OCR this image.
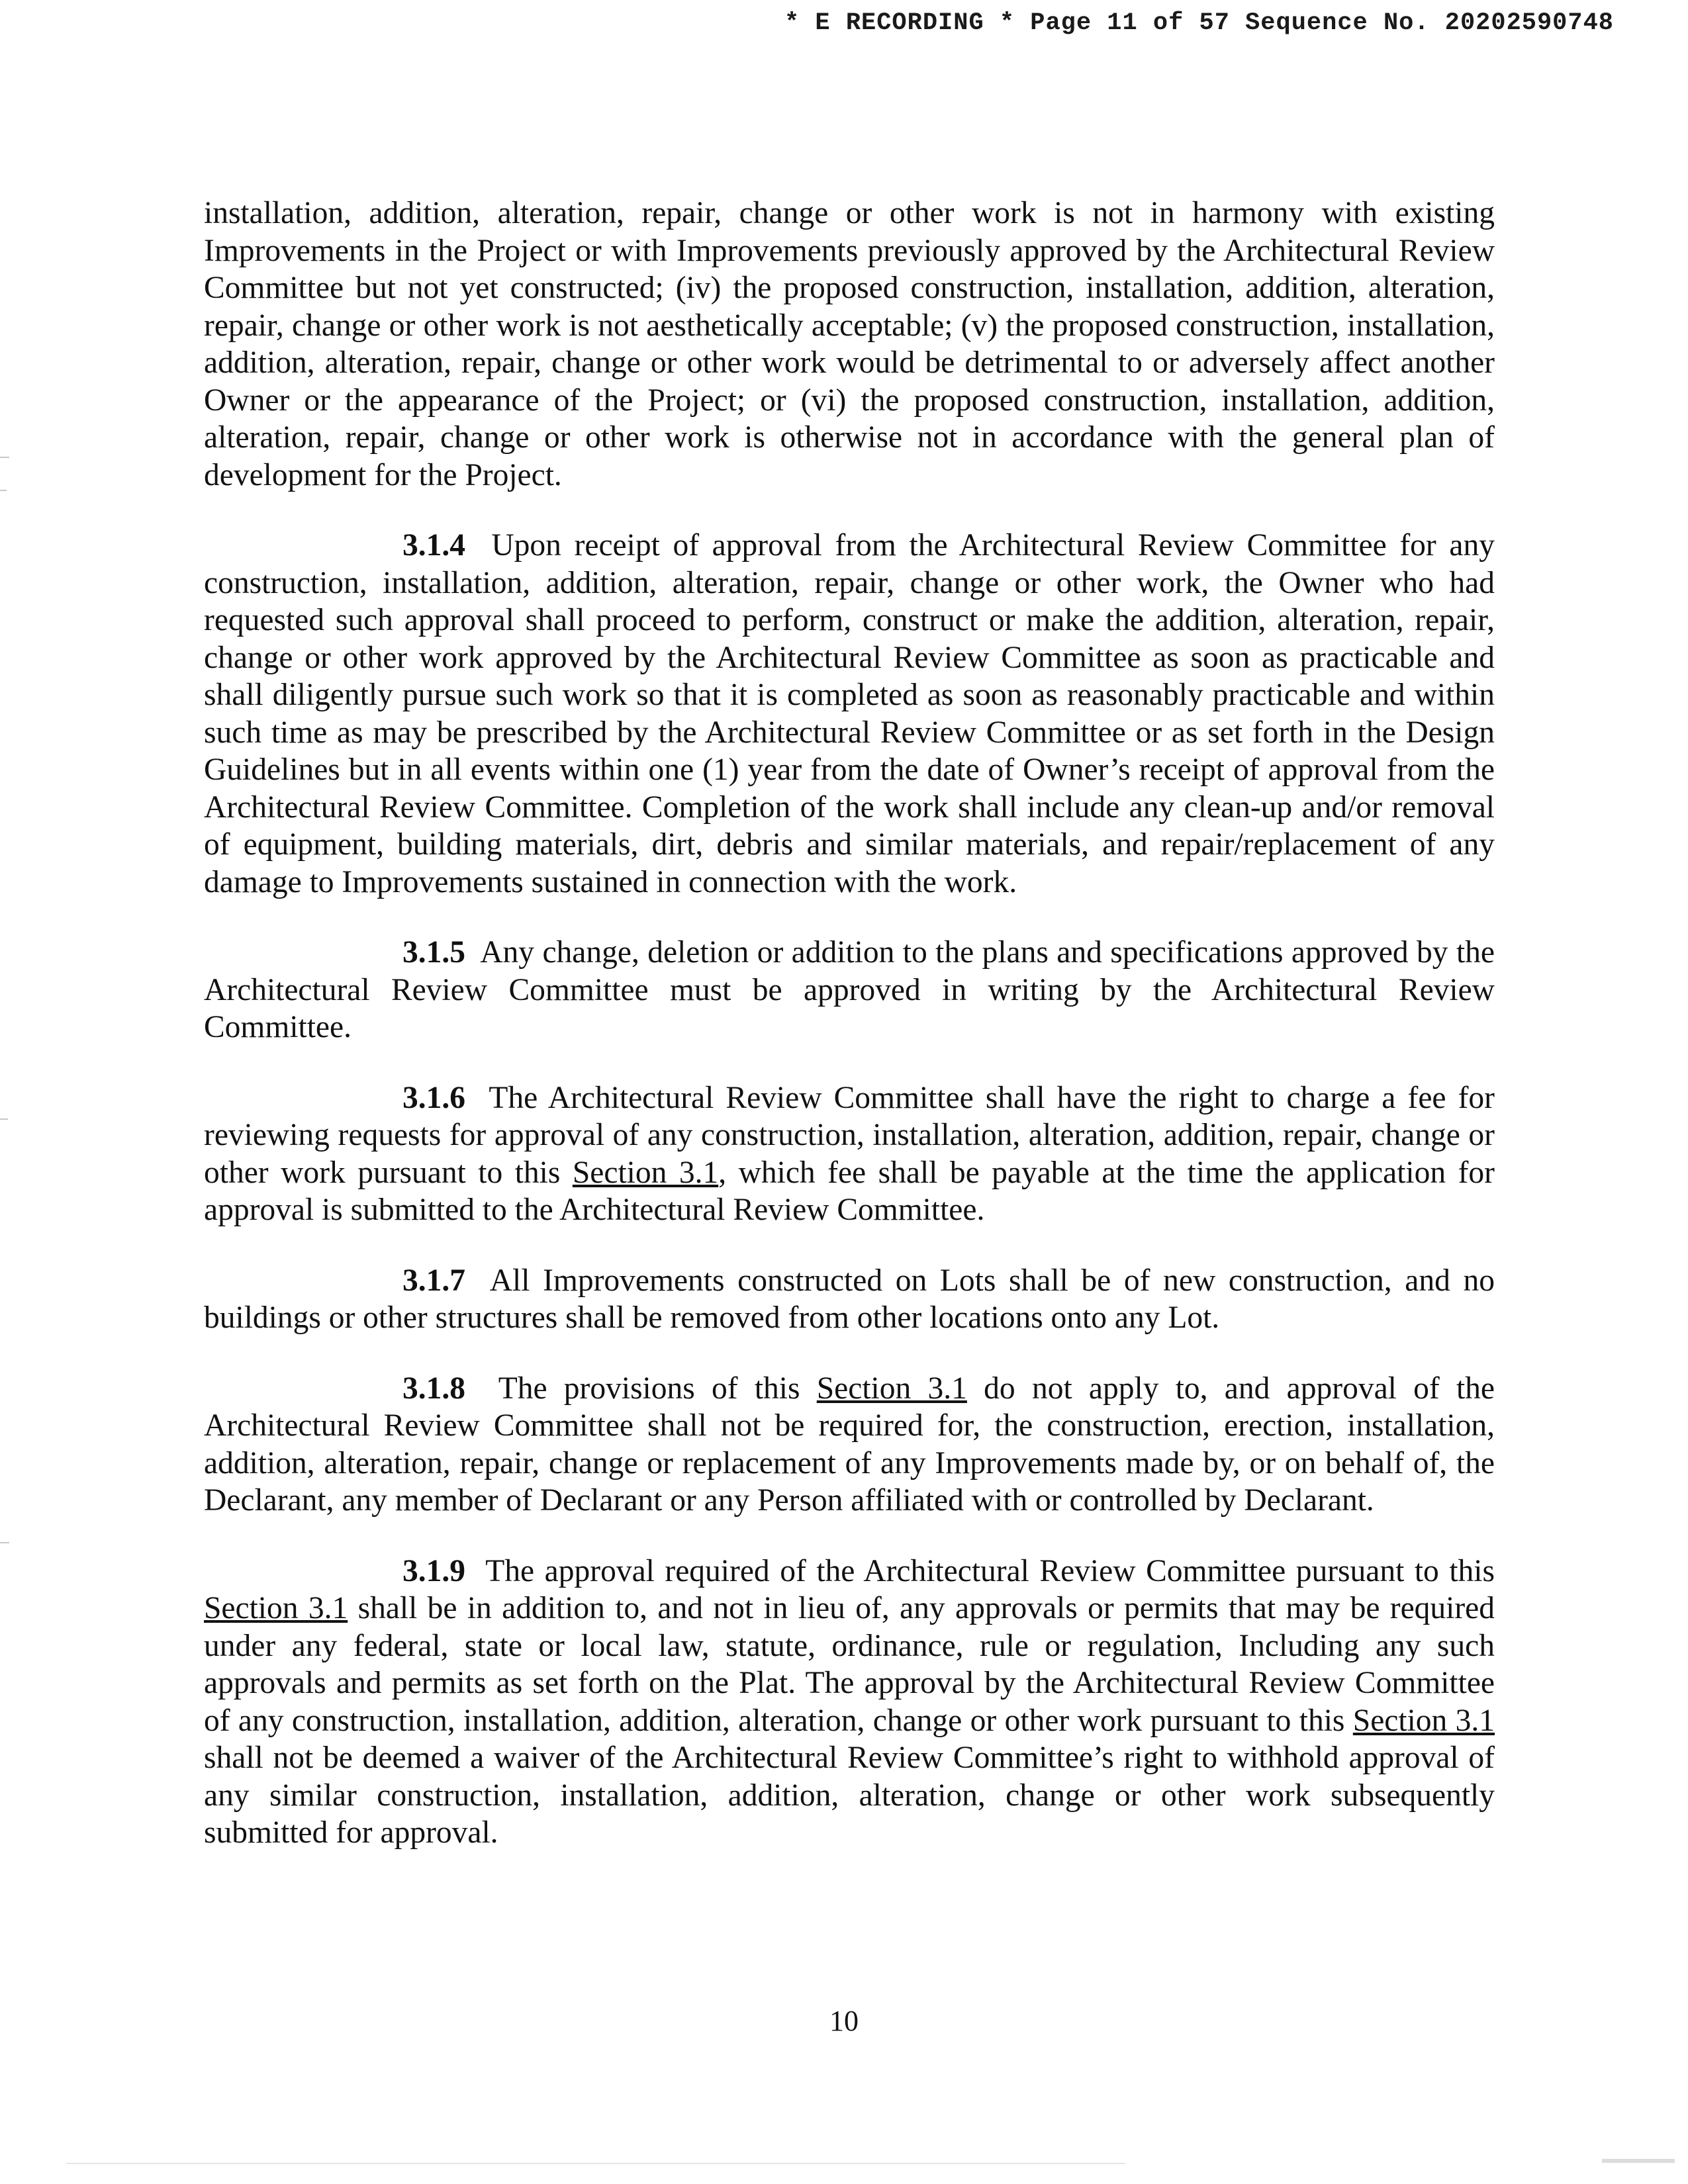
* E RECORDING * Page 11 of 57 Sequence No. 20202590748

installation, addition, alteration, repair, change or other work is not in harmony with existing Improvements in the Project or with Improvements previously approved by the Architectural Review Committee but not yet constructed; (iv) the proposed construction, installation, addition, alteration, repair, change or other work is not aesthetically acceptable; (v) the proposed construction, installation, addition, alteration, repair, change or other work would be detrimental to or adversely affect another Owner or the appearance of the Project; or (vi) the proposed construction, installation, addition, alteration, repair, change or other work is otherwise not in accordance with the general plan of development for the Project.

3.1.4 Upon receipt of approval from the Architectural Review Committee for any construction, installation, addition, alteration, repair, change or other work, the Owner who had requested such approval shall proceed to perform, construct or make the addition, alteration, repair, change or other work approved by the Architectural Review Committee as soon as practicable and shall diligently pursue such work so that it is completed as soon as reasonably practicable and within such time as may be prescribed by the Architectural Review Committee or as set forth in the Design Guidelines but in all events within one (1) year from the date of Owner’s receipt of approval from the Architectural Review Committee. Completion of the work shall include any clean-up and/or removal of equipment, building materials, dirt, debris and similar materials, and repair/replacement of any damage to Improvements sustained in connection with the work.

3.1.5 Any change, deletion or addition to the plans and specifications approved by the Architectural Review Committee must be approved in writing by the Architectural Review Committee.

3.1.6 The Architectural Review Committee shall have the right to charge a fee for reviewing requests for approval of any construction, installation, alteration, addition, repair, change or other work pursuant to this Section 3.1, which fee shall be payable at the time the application for approval is submitted to the Architectural Review Committee.

3.1.7 All Improvements constructed on Lots shall be of new construction, and no buildings or other structures shall be removed from other locations onto any Lot.

3.1.8 The provisions of this Section 3.1 do not apply to, and approval of the Architectural Review Committee shall not be required for, the construction, erection, installation, addition, alteration, repair, change or replacement of any Improvements made by, or on behalf of, the Declarant, any member of Declarant or any Person affiliated with or controlled by Declarant.

3.1.9 The approval required of the Architectural Review Committee pursuant to this Section 3.1 shall be in addition to, and not in lieu of, any approvals or permits that may be required under any federal, state or local law, statute, ordinance, rule or regulation, Including any such approvals and permits as set forth on the Plat. The approval by the Architectural Review Committee of any construction, installation, addition, alteration, change or other work pursuant to this Section 3.1 shall not be deemed a waiver of the Architectural Review Committee’s right to withhold approval of any similar construction, installation, addition, alteration, change or other work subsequently submitted for approval.

10
